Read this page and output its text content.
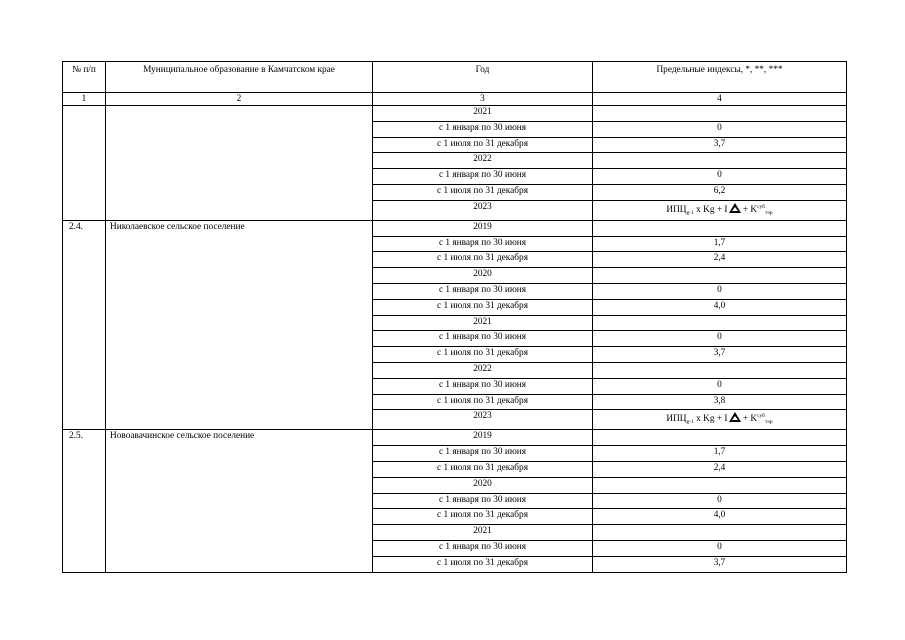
№ п/п	Муниципальное образование в Камчатском крае	Год	Предельные индексы, *, **, ***
1	2	3	4
		2021	
		с 1 января по 30 июня	0
		с 1 июля по 31 декабря	3,7
		2022	
		с 1 января по 30 июня	0
		с 1 июля по 31 декабря	6,2
		2023	$ИПЦ_{g-1}$ x $Kg + I + K^{суб}_{тэр}$
2.4.	Николаевское сельское поселение	2019	
		с 1 января по 30 июня	1,7
		с 1 июля по 31 декабря	2,4
		2020	
		с 1 января по 30 июня	0
		с 1 июля по 31 декабря	4,0
		2021	
		с 1 января по 30 июня	0
		с 1 июля по 31 декабря	3,7
		2022	
		с 1 января по 30 июня	0
		с 1 июля по 31 декабря	3,8
		2023	$ИПЦ_{g-1}$ x $Kg + I + K^{суб}_{тэр}$
2.5.	Новоавачинское сельское поселение	2019	
		с 1 января по 30 июня	1,7
		с 1 июля по 31 декабря	2,4
		2020	
		с 1 января по 30 июня	0
		с 1 июля по 31 декабря	4,0
		2021	
		с 1 января по 30 июня	0
		с 1 июля по 31 декабря	3,7
